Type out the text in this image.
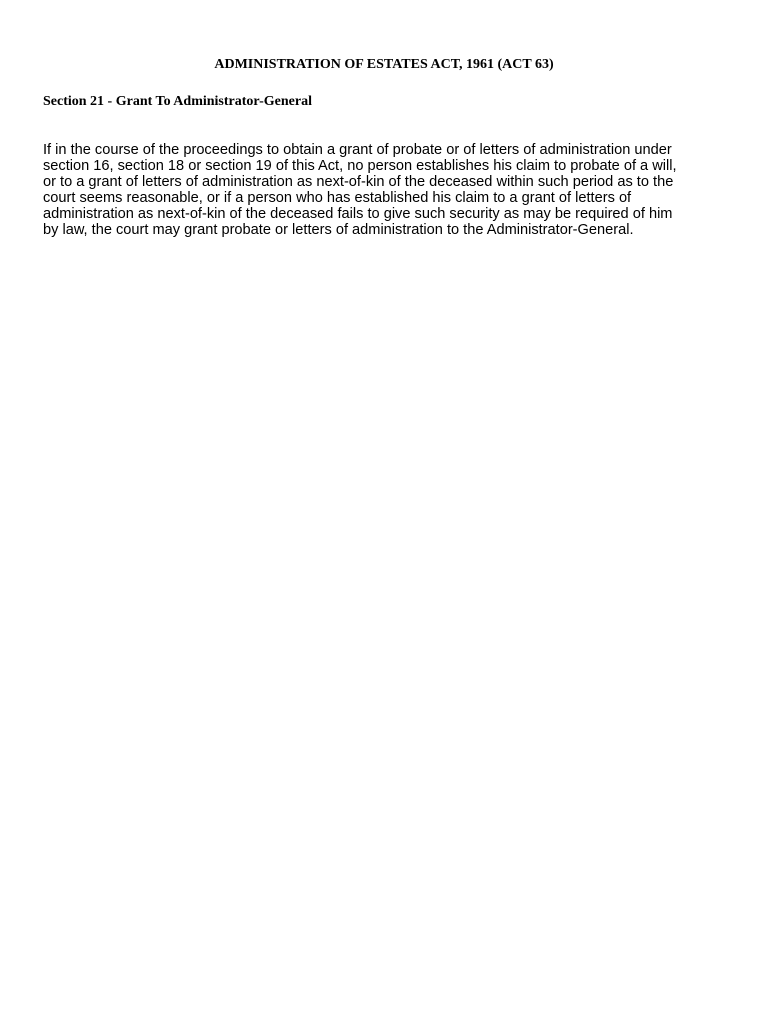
ADMINISTRATION OF ESTATES ACT, 1961 (ACT 63)
Section 21 - Grant To Administrator-General
If in the course of the proceedings to obtain a grant of probate or of letters of administration under
section 16, section 18 or section 19 of this Act, no person establishes his claim to probate of a will,
or to a grant of letters of administration as next-of-kin of the deceased within such period as to the
court seems reasonable, or if a person who has established his claim to a grant of letters of
administration as next-of-kin of the deceased fails to give such security as may be required of him
by law, the court may grant probate or letters of administration to the Administrator-General.
